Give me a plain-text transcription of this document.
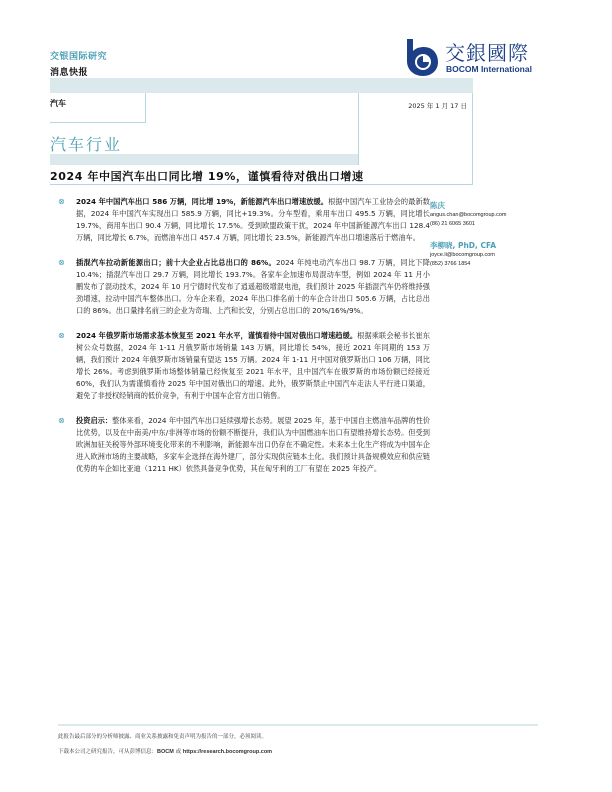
交银国际研究
消息快报
交銀國際
BOCOM International
汽车	2025 年 1 月 17 日
汽车行业
2024 年中国汽车出口同比增 19%，谨慎看待对俄出口增速
⊗ 2024 年中国汽车出口 586 万辆，同比增 19%，新能源汽车出口增速放缓。根据中国汽车工业协会的最新数据，2024 年中国汽车实现出口 585.9 万辆，同比+19.3%。分车型看，乘用车出口 495.5 万辆，同比增长 19.7%，商用车出口 90.4 万辆，同比增长 17.5%。受到欧盟政策干扰，2024 年中国新能源汽车出口 128.4 万辆，同比增长 6.7%，而燃油车出口 457.4 万辆，同比增长 23.5%，新能源汽车出口增速落后于燃油车。
⊗ 插混汽车拉动新能源出口；前十大企业占比总出口的 86%。2024 年纯电动汽车出口 98.7 万辆，同比下降 10.4%；插混汽车出口 29.7 万辆，同比增长 193.7%。各家车企加速布局混动车型，例如 2024 年 11 月小鹏发布了混动技术，2024 年 10 月宁德时代发布了逍遥超级增混电池，我们预计 2025 年插混汽车仍将维持强劲增速，拉动中国汽车整体出口。分车企来看，2024 年出口排名前十的车企合计出口 505.6 万辆，占比总出口的 86%。出口量排名前三的企业为奇瑞、上汽和长安，分别占总出口的 20%/16%/9%。
⊗ 2024 年俄罗斯市场需求基本恢复至 2021 年水平，谨慎看待中国对俄出口增速趋缓。根据乘联会秘书长崔东树公众号数据，2024 年 1-11 月俄罗斯市场销量 143 万辆，同比增长 54%，接近 2021 年同期的 153 万辆，我们预计 2024 年俄罗斯市场销量有望达 155 万辆。2024 年 1-11 月中国对俄罗斯出口 106 万辆，同比增长 26%。考虑到俄罗斯市场整体销量已经恢复至 2021 年水平，且中国汽车在俄罗斯的市场份额已经接近 60%，我们认为需谨慎看待 2025 年中国对俄出口的增速。此外，俄罗斯禁止中国汽车走法人平行进口渠道，避免了非授权经销商的低价竞争，有利于中国车企官方出口销售。
⊗ 投资启示：整体来看，2024 年中国汽车出口延续强增长态势。展望 2025 年，基于中国自主燃油车品牌的性价比优势，以及在中南美/中东/非洲等市场的份额不断提升，我们认为中国燃油车出口有望维持增长态势。但受到欧洲加征关税等外部环境变化带来的不利影响，新能源车出口仍存在不确定性。未来本土化生产将成为中国车企进入欧洲市场的主要战略，多家车企选择在海外建厂，部分实现供应链本土化。我们预计具备规模效应和供应链优势的车企如比亚迪（1211 HK）依然具备竞争优势，其在匈牙利的工厂有望在 2025 年投产。
陈庆
angus.chan@bocomgroup.com
(86) 21 6065 3601
李柳晓, PhD, CFA
joyce.li@bocomgroup.com
(852) 3766 1854
此报告最后部分的分析师披露、商业关系披露和免责声明为报告的一部分，必须阅读。
下载本公司之研究报告，可从彭博信息：BOCM 或 https://research.bocomgroup.com
